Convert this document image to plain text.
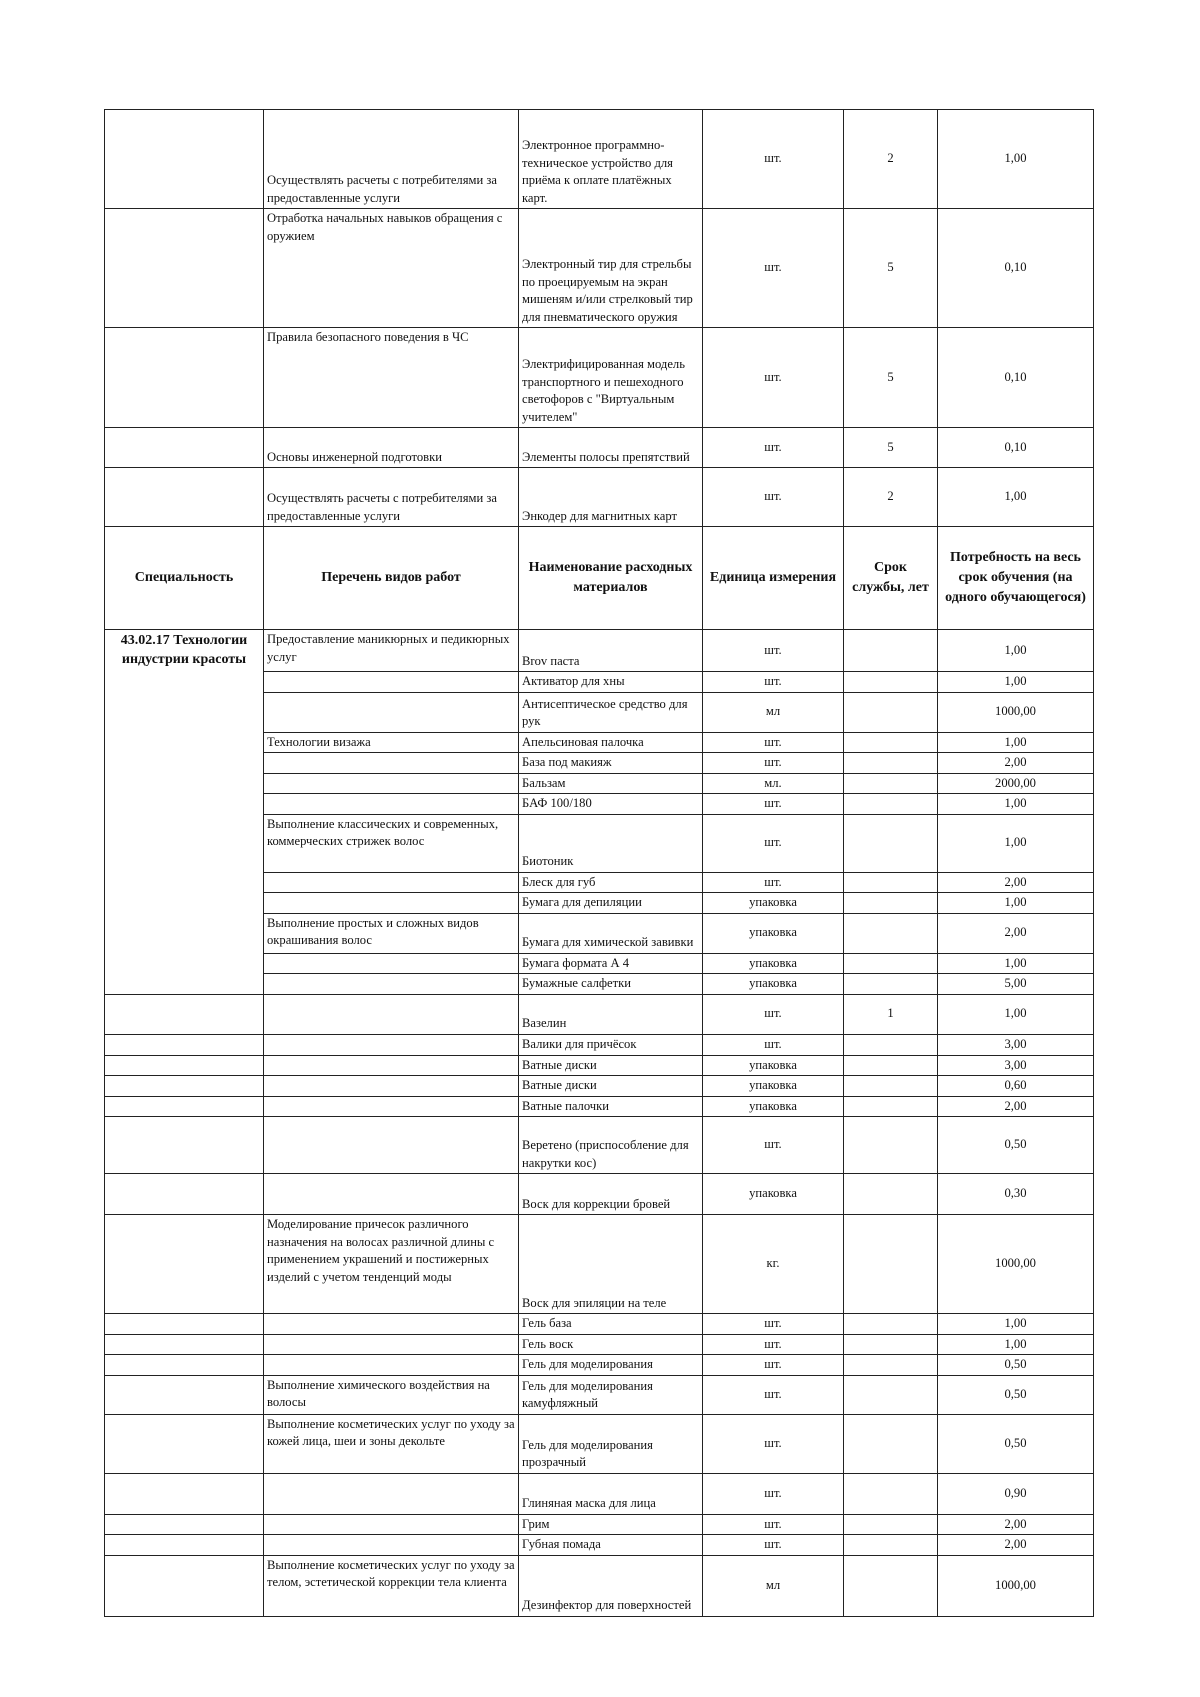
	Осуществлять расчеты с потребителями за предоставленные услуги	Электронное программно-техническое устройство для приёма к оплате платёжных карт.	шт.	2	1,00
	Отработка начальных навыков обращения с оружием	Электронный тир для стрельбы по проецируемым на экран мишеням и/или стрелковый тир для пневматического оружия	шт.	5	0,10
	Правила безопасного поведения в ЧС	Электрифицированная модель транспортного и пешеходного светофоров с "Виртуальным учителем"	шт.	5	0,10
	Основы инженерной подготовки	Элементы полосы препятствий	шт.	5	0,10
	Осуществлять расчеты с потребителями за предоставленные услуги	Энкодер для магнитных карт	шт.	2	1,00
Специальность	Перечень видов работ	Наименование расходных материалов	Единица измерения	Срок службы, лет	Потребность на весь срок обучения (на одного обучающегося)
43.02.17 Технологии индустрии красоты	Предоставление маникюрных и педикюрных услуг	Brov паста	шт.		1,00
		Активатор для хны	шт.		1,00
		Антисептическое средство для рук	мл		1000,00
	Технологии визажа	Апельсиновая палочка	шт.		1,00
		База под макияж	шт.		2,00
		Бальзам	мл.		2000,00
		БАФ 100/180	шт.		1,00
	Выполнение классических и современных, коммерческих стрижек волос	Биотоник	шт.		1,00
		Блеск для губ	шт.		2,00
		Бумага для депиляции	упаковка		1,00
	Выполнение простых и сложных видов окрашивания волос	Бумага для химической завивки	упаковка		2,00
		Бумага формата А 4	упаковка		1,00
		Бумажные салфетки	упаковка		5,00
		Вазелин	шт.	1	1,00
		Валики для причёсок	шт.		3,00
		Ватные диски	упаковка		3,00
		Ватные диски	упаковка		0,60
		Ватные палочки	упаковка		2,00
		Веретено (приспособление для накрутки кос)	шт.		0,50
		Воск для коррекции бровей	упаковка		0,30
	Моделирование причесок различного назначения на волосах различной длины с применением украшений и постижерных изделий с учетом тенденций моды	Воск для эпиляции на теле	кг.		1000,00
		Гель база	шт.		1,00
		Гель воск	шт.		1,00
		Гель для моделирования	шт.		0,50
	Выполнение химического воздействия на волосы	Гель для моделирования камуфляжный	шт.		0,50
	Выполнение косметических услуг по уходу за кожей лица, шеи и зоны декольте	Гель для моделирования прозрачный	шт.		0,50
		Глиняная маска для лица	шт.		0,90
		Грим	шт.		2,00
		Губная помада	шт.		2,00
	Выполнение косметических услуг по уходу за телом, эстетической коррекции тела клиента	Дезинфектор для поверхностей	мл		1000,00
